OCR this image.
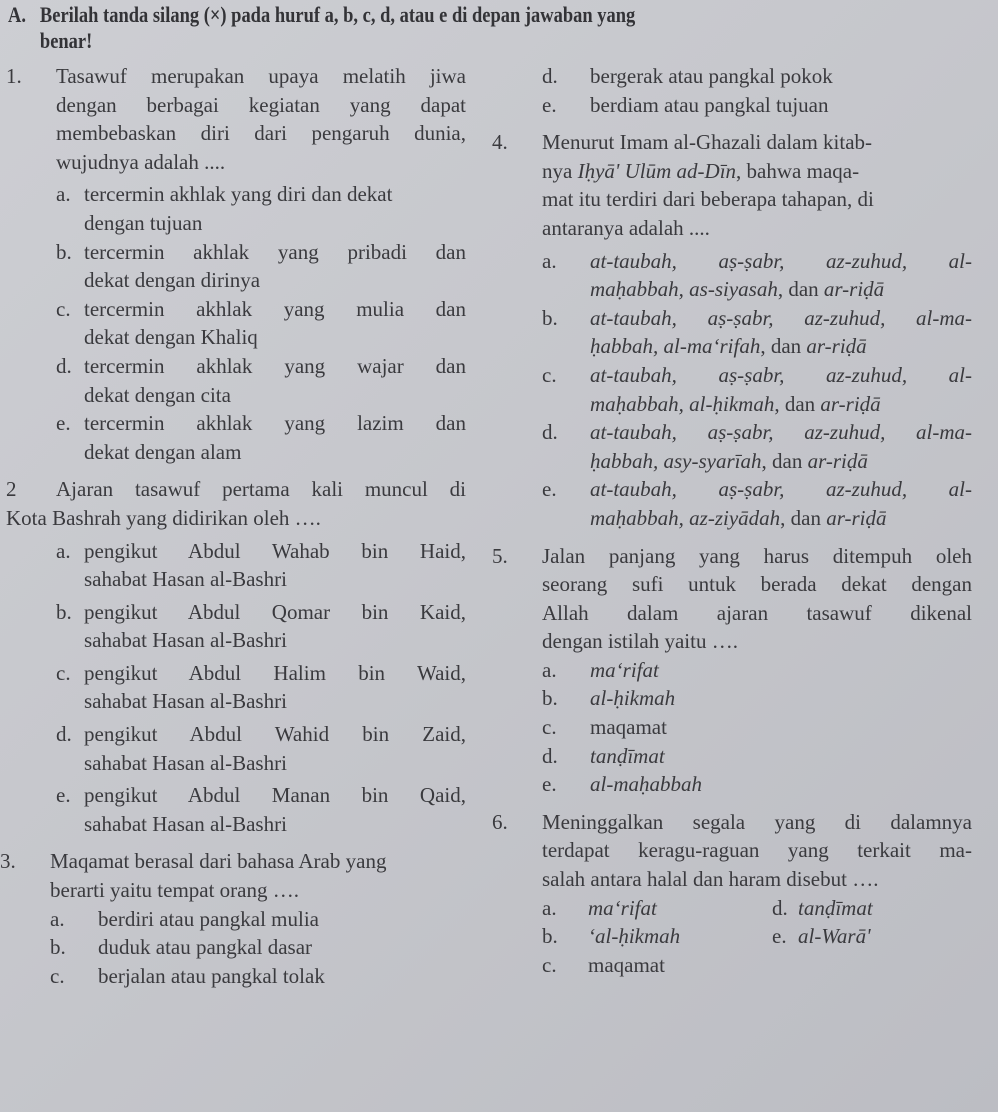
A. Berilah tanda silang (×) pada huruf a, b, c, d, atau e di depan jawaban yang
benar!
1.	Tasawuf merupakan upaya melatih jiwa
dengan berbagai kegiatan yang dapat
membebaskan diri dari pengaruh dunia,
wujudnya adalah ....
a. tercermin akhlak yang diri dan dekat
dengan tujuan
b. tercermin akhlak yang pribadi dan
dekat dengan dirinya
c. tercermin akhlak yang mulia dan
dekat dengan Khaliq
d. tercermin akhlak yang wajar dan
dekat dengan cita
e. tercermin akhlak yang lazim dan
dekat dengan alam
2	Ajaran tasawuf pertama kali muncul di
Kota Bashrah yang didirikan oleh ….
a. pengikut Abdul Wahab bin Haid,
sahabat Hasan al-Bashri
b. pengikut Abdul Qomar bin Kaid,
sahabat Hasan al-Bashri
c. pengikut Abdul Halim bin Waid,
sahabat Hasan al-Bashri
d. pengikut Abdul Wahid bin Zaid,
sahabat Hasan al-Bashri
e. pengikut Abdul Manan bin Qaid,
sahabat Hasan al-Bashri
3.	Maqamat berasal dari bahasa Arab yang
berarti yaitu tempat orang ….
a.	berdiri atau pangkal mulia
b.	duduk atau pangkal dasar
c.	berjalan atau pangkal tolak
d.	bergerak atau pangkal pokok
e.	berdiam atau pangkal tujuan
4.	Menurut Imam al-Ghazali dalam kitab-
nya Iḥyā' Ulūm ad-Dīn, bahwa maqa-
mat itu terdiri dari beberapa tahapan, di
antaranya adalah ....
a.	at-taubah, aṣ-ṣabr, az-zuhud, al-
maḥabbah, as-siyasah, dan ar-riḍā
b.	at-taubah, aṣ-ṣabr, az-zuhud, al-ma-
ḥabbah, al-ma‘rifah, dan ar-riḍā
c.	at-taubah, aṣ-ṣabr, az-zuhud, al-
maḥabbah, al-ḥikmah, dan ar-riḍā
d.	at-taubah, aṣ-ṣabr, az-zuhud, al-ma-
ḥabbah, asy-syarīah, dan ar-riḍā
e.	at-taubah, aṣ-ṣabr, az-zuhud, al-
maḥabbah, az-ziyādah, dan ar-riḍā
5.	Jalan panjang yang harus ditempuh oleh
seorang sufi untuk berada dekat dengan
Allah dalam ajaran tasawuf dikenal
dengan istilah yaitu ….
a.	ma‘rifat
b.	al-ḥikmah
c.	maqamat
d.	tanḍīmat
e.	al-maḥabbah
6.	Meninggalkan segala yang di dalamnya
terdapat keragu-raguan yang terkait ma-
salah antara halal dan haram disebut ….
a.	ma‘rifat	d. tanḍīmat
b.	‘al-ḥikmah	e. al-Warā'
c.	maqamat
